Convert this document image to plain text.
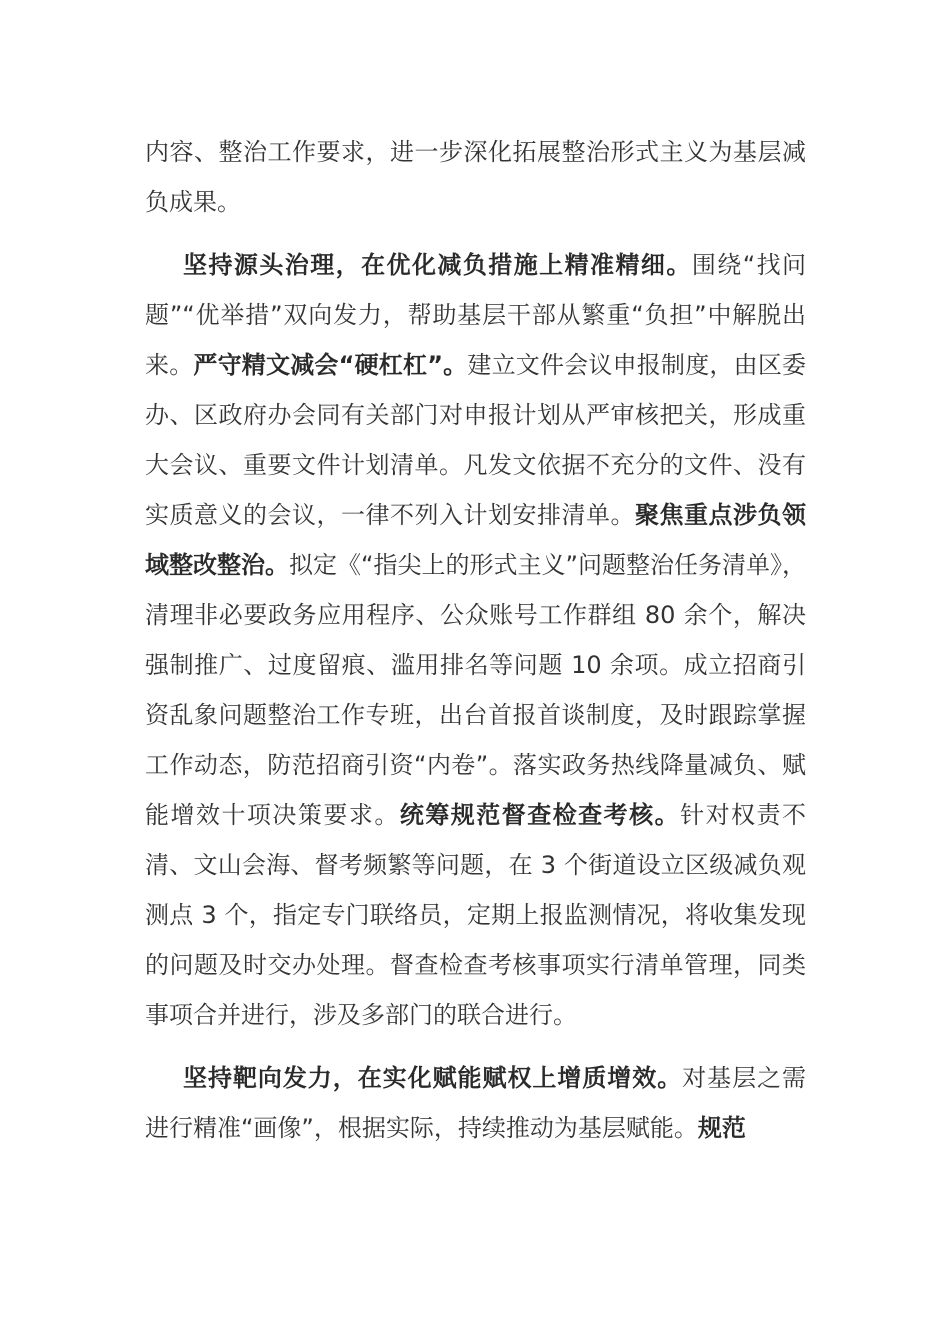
内容、整治工作要求，进一步深化拓展整治形式主义为基层减负成果。

坚持源头治理，在优化减负措施上精准精细。围绕“找问题”“优举措”双向发力，帮助基层干部从繁重“负担”中解脱出来。严守精文减会“硬杠杠”。建立文件会议申报制度，由区委办、区政府办会同有关部门对申报计划从严审核把关，形成重大会议、重要文件计划清单。凡发文依据不充分的文件、没有实质意义的会议，一律不列入计划安排清单。聚焦重点涉负领域整改整治。拟定《“指尖上的形式主义”问题整治任务清单》，清理非必要政务应用程序、公众账号工作群组 80 余个，解决强制推广、过度留痕、滥用排名等问题 10 余项。成立招商引资乱象问题整治工作专班，出台首报首谈制度，及时跟踪掌握工作动态，防范招商引资“内卷”。落实政务热线降量减负、赋能增效十项决策要求。统筹规范督查检查考核。针对权责不清、文山会海、督考频繁等问题，在 3 个街道设立区级减负观测点 3 个，指定专门联络员，定期上报监测情况，将收集发现的问题及时交办处理。督查检查考核事项实行清单管理，同类事项合并进行，涉及多部门的联合进行。

坚持靶向发力，在实化赋能赋权上增质增效。对基层之需进行精准“画像”，根据实际，持续推动为基层赋能。规范
